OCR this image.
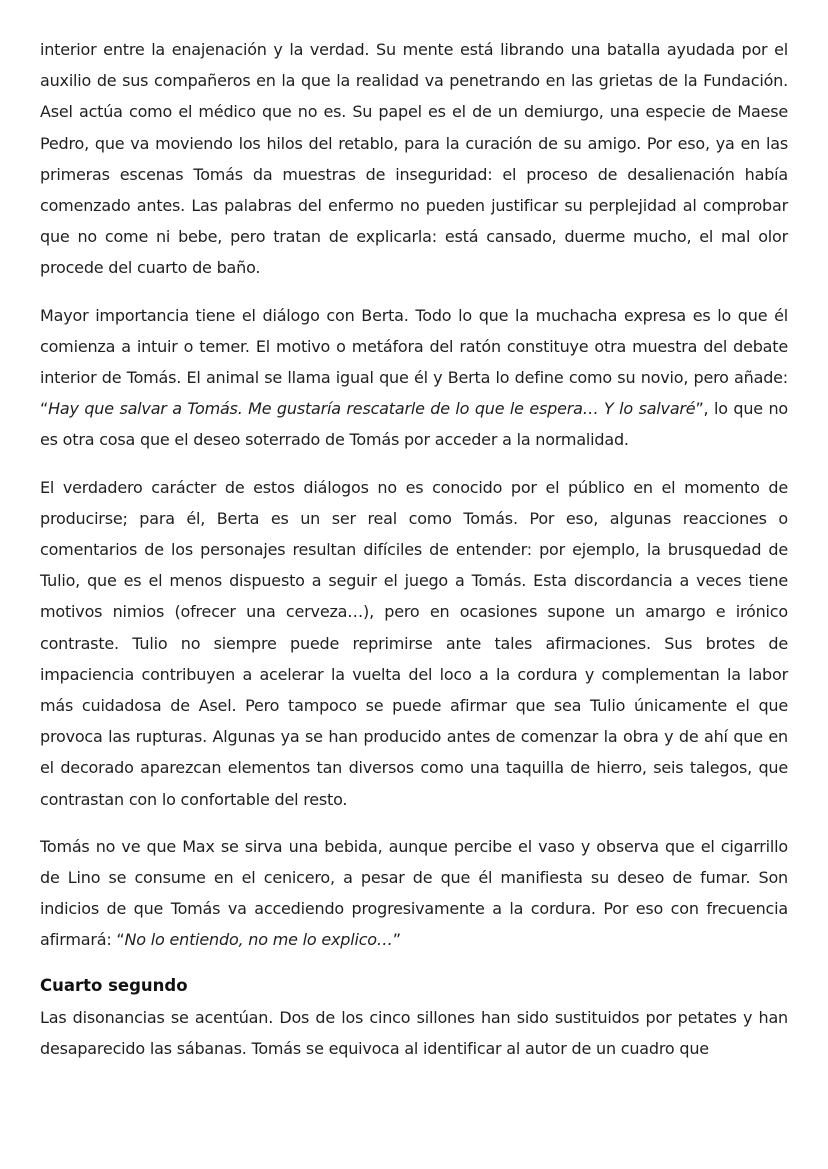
interior entre la enajenación y la verdad. Su mente está librando una batalla ayudada por el auxilio de sus compañeros en la que la realidad va penetrando en las grietas de la Fundación. Asel actúa como el médico que no es. Su papel es el de un demiurgo, una especie de Maese Pedro, que va moviendo los hilos del retablo, para la curación de su amigo. Por eso, ya en las primeras escenas Tomás da muestras de inseguridad: el proceso de desalienación había comenzado antes. Las palabras del enfermo no pueden justificar su perplejidad al comprobar que no come ni bebe, pero tratan de explicarla: está cansado, duerme mucho, el mal olor procede del cuarto de baño.

Mayor importancia tiene el diálogo con Berta. Todo lo que la muchacha expresa es lo que él comienza a intuir o temer. El motivo o metáfora del ratón constituye otra muestra del debate interior de Tomás. El animal se llama igual que él y Berta lo define como su novio, pero añade: “Hay que salvar a Tomás. Me gustaría rescatarle de lo que le espera… Y lo salvaré”, lo que no es otra cosa que el deseo soterrado de Tomás por acceder a la normalidad.

El verdadero carácter de estos diálogos no es conocido por el público en el momento de producirse; para él, Berta es un ser real como Tomás. Por eso, algunas reacciones o comentarios de los personajes resultan difíciles de entender: por ejemplo, la brusquedad de Tulio, que es el menos dispuesto a seguir el juego a Tomás. Esta discordancia a veces tiene motivos nimios (ofrecer una cerveza…), pero en ocasiones supone un amargo e irónico contraste. Tulio no siempre puede reprimirse ante tales afirmaciones. Sus brotes de impaciencia contribuyen a acelerar la vuelta del loco a la cordura y complementan la labor más cuidadosa de Asel. Pero tampoco se puede afirmar que sea Tulio únicamente el que provoca las rupturas. Algunas ya se han producido antes de comenzar la obra y de ahí que en el decorado aparezcan elementos tan diversos como una taquilla de hierro, seis talegos, que contrastan con lo confortable del resto.

Tomás no ve que Max se sirva una bebida, aunque percibe el vaso y observa que el cigarrillo de Lino se consume en el cenicero, a pesar de que él manifiesta su deseo de fumar. Son indicios de que Tomás va accediendo progresivamente a la cordura. Por eso con frecuencia afirmará: “No lo entiendo, no me lo explico…”

Cuarto segundo

Las disonancias se acentúan. Dos de los cinco sillones han sido sustituidos por petates y han desaparecido las sábanas. Tomás se equivoca al identificar al autor de un cuadro que
